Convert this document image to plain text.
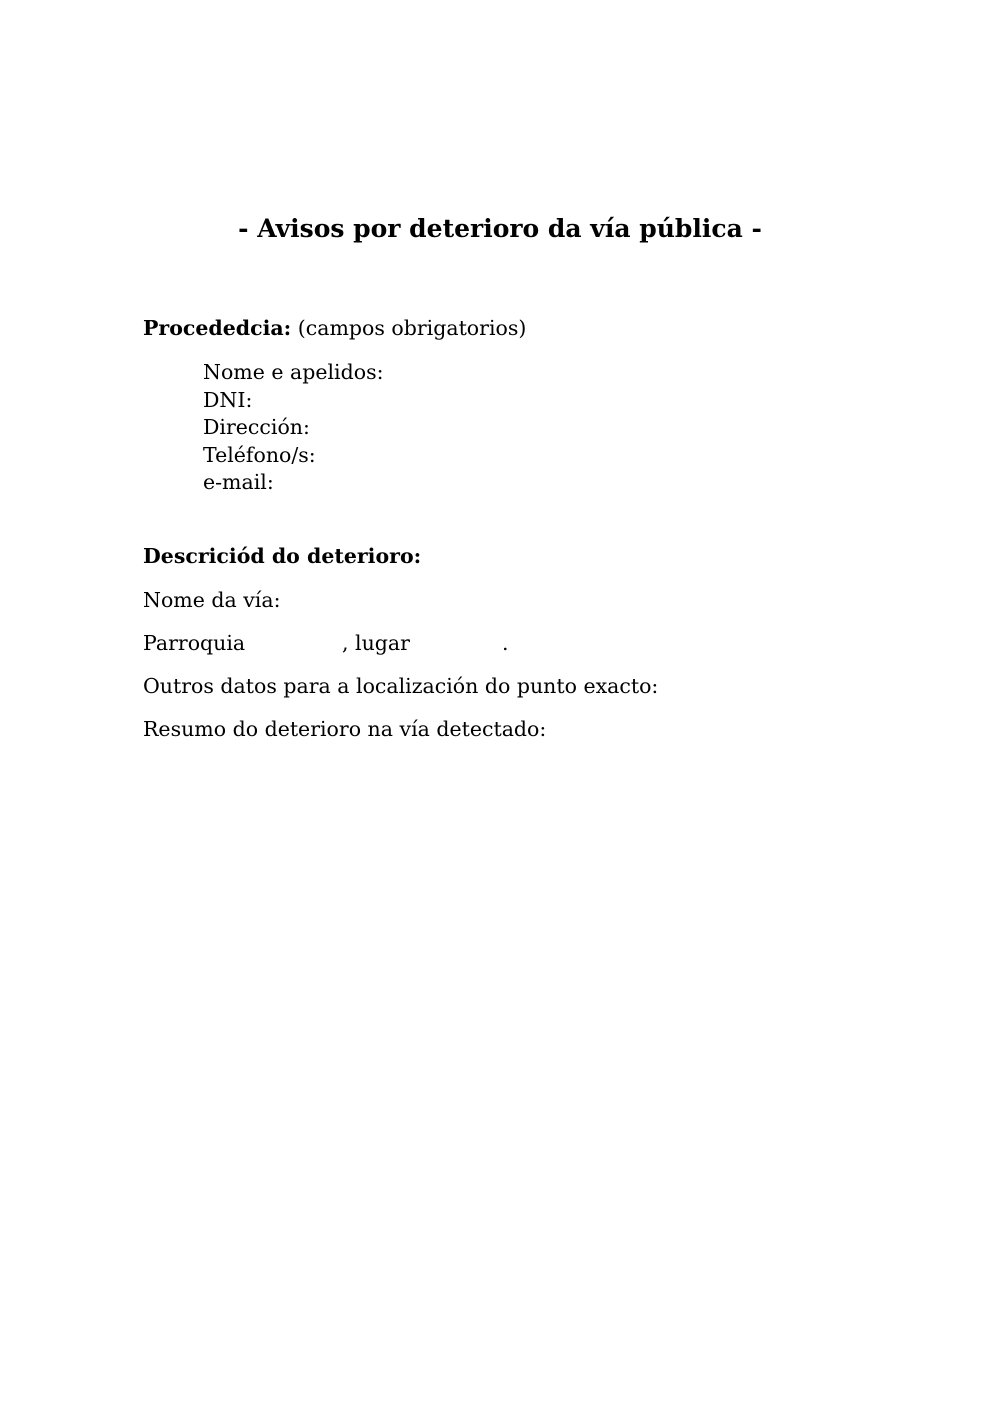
- Avisos por deterioro da vía pública -
Procededcia: (campos obrigatorios)
Nome e apelidos:
DNI:
Dirección:
Teléfono/s:
e-mail:
Descriciód do deterioro:
Nome da vía:
Parroquia	, lugar	.
Outros datos para a localización do punto exacto:
Resumo do deterioro na vía detectado:
